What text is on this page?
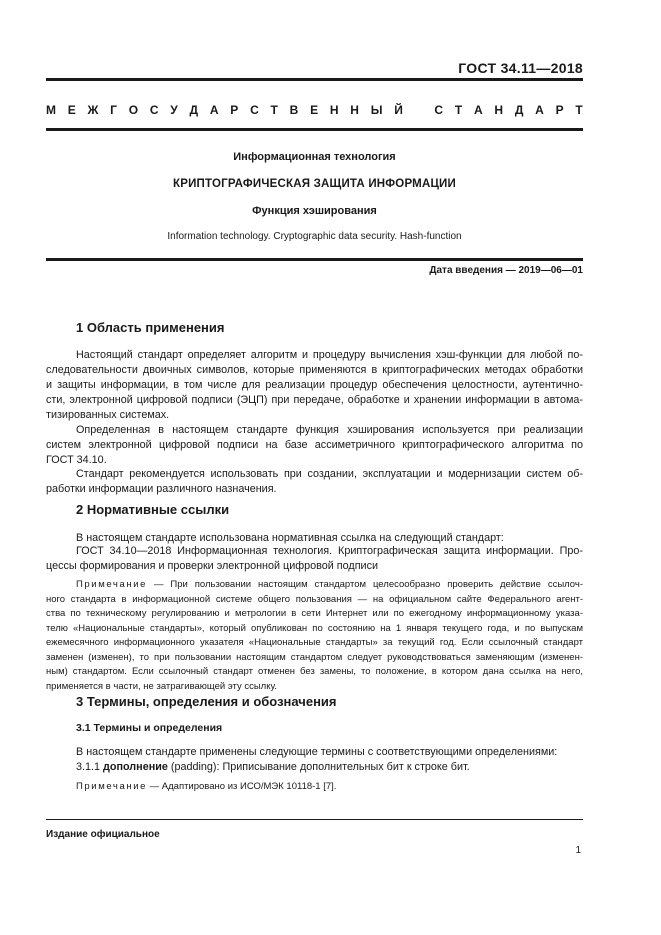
ГОСТ 34.11—2018
М Е Ж Г О С У Д А Р С Т В Е Н Н Ы Й	С Т А Н Д А Р Т
Информационная технология
КРИПТОГРАФИЧЕСКАЯ ЗАЩИТА ИНФОРМАЦИИ
Функция хэширования
Information technology. Cryptographic data security. Hash-function
Дата введения — 2019—06—01
1 Область применения
Настоящий стандарт определяет алгоритм и процедуру вычисления хэш-функции для любой по-
следовательности двоичных символов, которые применяются в криптографических методах обработки
и защиты информации, в том числе для реализации процедур обеспечения целостности, аутентично-
сти, электронной цифровой подписи (ЭЦП) при передаче, обработке и хранении информации в автома-
тизированных системах.
Определенная в настоящем стандарте функция хэширования используется при реализации
систем электронной цифровой подписи на базе ассиметричного криптографического алгоритма по
ГОСТ 34.10.
Стандарт рекомендуется использовать при создании, эксплуатации и модернизации систем об-
работки информации различного назначения.
2 Нормативные ссылки
В настоящем стандарте использована нормативная ссылка на следующий стандарт:
ГОСТ 34.10—2018 Информационная технология. Криптографическая защита информации. Про-
цессы формирования и проверки электронной цифровой подписи
Примечание — При пользовании настоящим стандартом целесообразно проверить действие ссылоч-
ного стандарта в информационной системе общего пользования — на официальном сайте Федерального агент-
ства по техническому регулированию и метрологии в сети Интернет или по ежегодному информационному указа-
телю «Национальные стандарты», который опубликован по состоянию на 1 января текущего года, и по выпускам
ежемесячного информационного указателя «Национальные стандарты» за текущий год. Если ссылочный стандарт
заменен (изменен), то при пользовании настоящим стандартом следует руководствоваться заменяющим (изменен-
ным) стандартом. Если ссылочный стандарт отменен без замены, то положение, в котором дана ссылка на него,
применяется в части, не затрагивающей эту ссылку.
3 Термины, определения и обозначения
3.1 Термины и определения
В настоящем стандарте применены следующие термины с соответствующими определениями:
3.1.1 дополнение (padding): Приписывание дополнительных бит к строке бит.
Примечание — Адаптировано из ИСО/МЭК 10118-1 [7].
Издание официальное
1
